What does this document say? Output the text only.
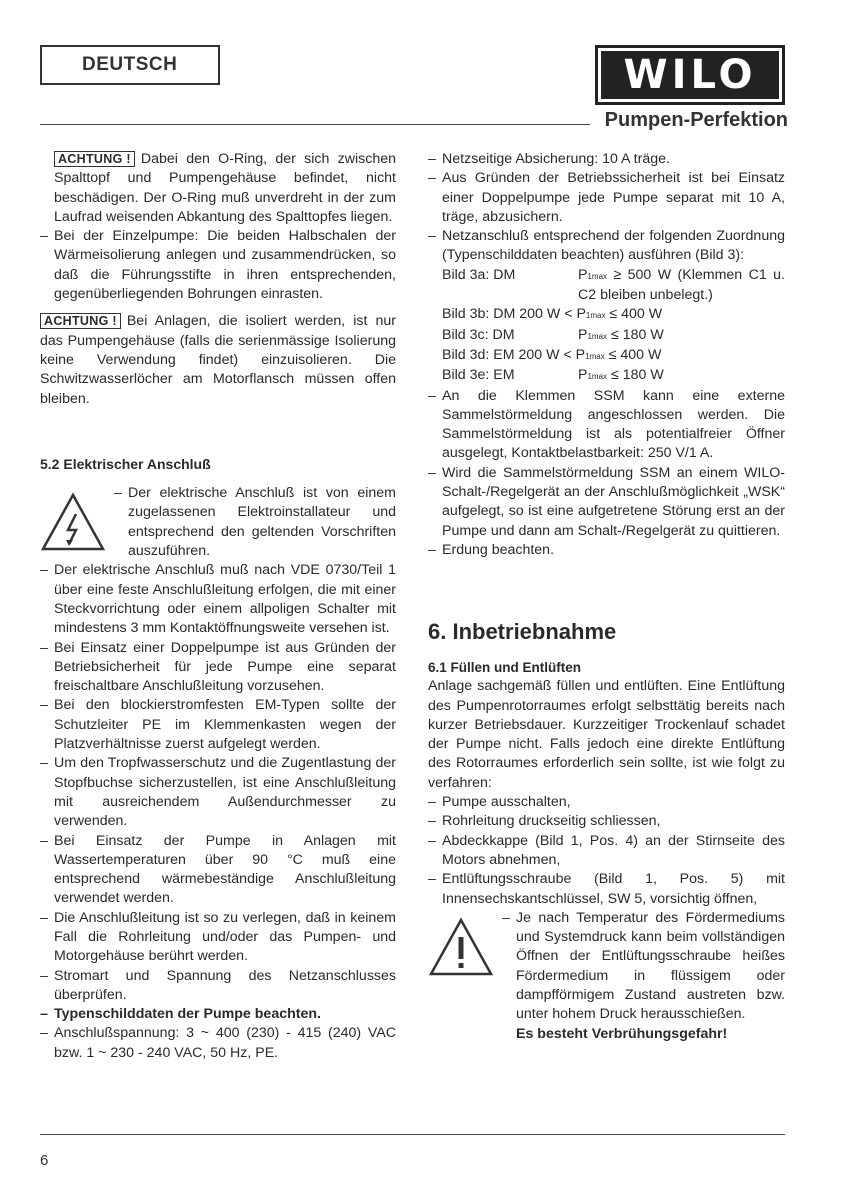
DEUTSCH	WILO
Pumpen-Perfektion

ACHTUNG ! Dabei den O-Ring, der sich zwischen Spalttopf und Pumpengehäuse befindet, nicht beschädigen. Der O-Ring muß unverdreht in der zum Laufrad weisenden Abkantung des Spalttopfes liegen.

– Bei der Einzelpumpe: Die beiden Halbschalen der Wärmeisolierung anlegen und zusammendrücken, so daß die Führungsstifte in ihren entsprechenden, gegenüberliegenden Bohrungen einrasten.

ACHTUNG ! Bei Anlagen, die isoliert werden, ist nur das Pumpengehäuse (falls die serienmässige Isolierung keine Verwendung findet) einzuisolieren. Die Schwitzwasserlöcher am Motorflansch müssen offen bleiben.

5.2 Elektrischer Anschluß
– Der elektrische Anschluß ist von einem zugelassenen Elektroinstallateur und entsprechend den geltenden Vorschriften auszuführen.
– Der elektrische Anschluß muß nach VDE 0730/Teil 1 über eine feste Anschlußleitung erfolgen, die mit einer Steckvorrichtung oder einem allpoligen Schalter mit mindestens 3 mm Kontaktöffnungsweite versehen ist.
– Bei Einsatz einer Doppelpumpe ist aus Gründen der Betriebsicherheit für jede Pumpe eine separat freischaltbare Anschlußleitung vorzusehen.
– Bei den blockierstromfesten EM-Typen sollte der Schutzleiter PE im Klemmenkasten wegen der Platzverhältnisse zuerst aufgelegt werden.
– Um den Tropfwasserschutz und die Zugentlastung der Stopfbuchse sicherzustellen, ist eine Anschlußleitung mit ausreichendem Außendurchmesser zu verwenden.
– Bei Einsatz der Pumpe in Anlagen mit Wassertemperaturen über 90 °C muß eine entsprechend wärmebeständige Anschlußleitung verwendet werden.
– Die Anschlußleitung ist so zu verlegen, daß in keinem Fall die Rohrleitung und/oder das Pumpen- und Motorgehäuse berührt werden.
– Stromart und Spannung des Netzanschlusses überprüfen.
– Typenschilddaten der Pumpe beachten.
– Anschlußspannung: 3 ~ 400 (230) - 415 (240) VAC bzw. 1 ~ 230 - 240 VAC, 50 Hz, PE.
– Netzseitige Absicherung: 10 A träge.
– Aus Gründen der Betriebssicherheit ist bei Einsatz einer Doppelpumpe jede Pumpe separat mit 10 A, träge, abzusichern.
– Netzanschluß entsprechend der folgenden Zuordnung (Typenschilddaten beachten) ausführen (Bild 3):
Bild 3a: DM	P1max ≥ 500 W (Klemmen C1 u. C2 bleiben unbelegt.)
Bild 3b: DM 200 W < P1max ≤ 400 W
Bild 3c: DM	P1max ≤ 180 W
Bild 3d: EM 200 W < P1max ≤ 400 W
Bild 3e: EM	P1max ≤ 180 W
– An die Klemmen SSM kann eine externe Sammelstörmeldung angeschlossen werden. Die Sammelstörmeldung ist als potentialfreier Öffner ausgelegt, Kontaktbelastbarkeit: 250 V/1 A.
– Wird die Sammelstörmeldung SSM an einem WILO-Schalt-/Regelgerät an der Anschlußmöglichkeit „WSK“ aufgelegt, so ist eine aufgetretene Störung erst an der Pumpe und dann am Schalt-/Regelgerät zu quittieren.
– Erdung beachten.
6. Inbetriebnahme
6.1 Füllen und Entlüften

Anlage sachgemäß füllen und entlüften. Eine Entlüftung des Pumpenrotorraumes erfolgt selbsttätig bereits nach kurzer Betriebsdauer. Kurzzeitiger Trockenlauf schadet der Pumpe nicht. Falls jedoch eine direkte Entlüftung des Rotorraumes erforderlich sein sollte, ist wie folgt zu verfahren:

– Pumpe ausschalten,
– Rohrleitung druckseitig schliessen,
– Abdeckkappe (Bild 1, Pos. 4) an der Stirnseite des Motors abnehmen,
– Entlüftungsschraube (Bild 1, Pos. 5) mit Innensechskantschlüssel, SW 5, vorsichtig öffnen,
– Je nach Temperatur des Fördermediums und Systemdruck kann beim vollständigen Öffnen der Entlüftungsschraube heißes Fördermedium in flüssigem oder dampfförmigem Zustand austreten bzw. unter hohem Druck herausschießen.
Es besteht Verbrühungsgefahr!
6
